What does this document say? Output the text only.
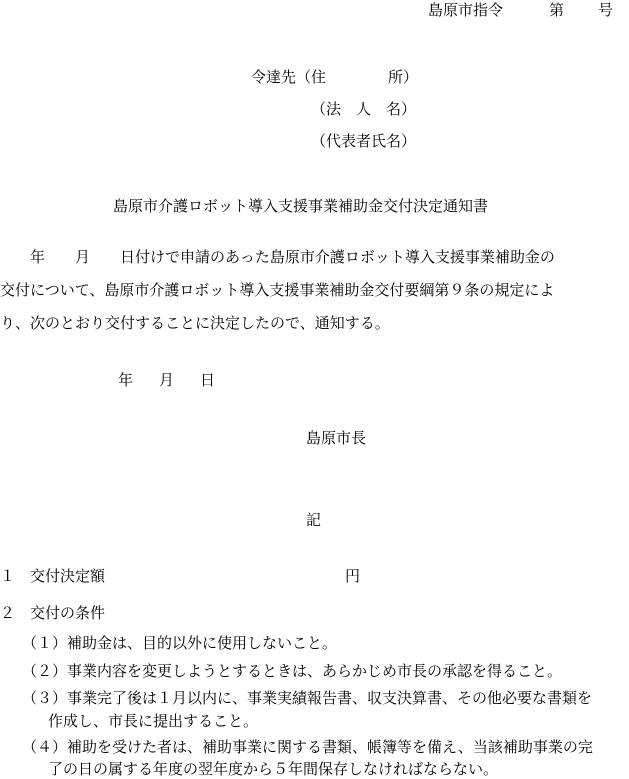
島原市指令	第 号
令達先（住	所）
（法　人　名）
（代表者氏名）
島原市介護ロボット導入支援事業補助金交付決定通知書

　　年　　月　　日付けで申請のあった島原市介護ロボット導入支援事業補助金の

交付について、島原市介護ロボット導入支援事業補助金交付要綱第９条の規定によ

り、次のとおり交付することに決定したので、通知する。

年 月 日
島原市長
記
１　交付決定額	円
２　交付の条件
（１）補助金は、目的以外に使用しないこと。
（２）事業内容を変更しようとするときは、あらかじめ市長の承認を得ること。
（３）事業完了後は１月以内に、事業実績報告書、収支決算書、その他必要な書類を
作成し、市長に提出すること。
（４）補助を受けた者は、補助事業に関する書類、帳簿等を備え、当該補助事業の完
了の日の属する年度の翌年度から５年間保存しなければならない。
